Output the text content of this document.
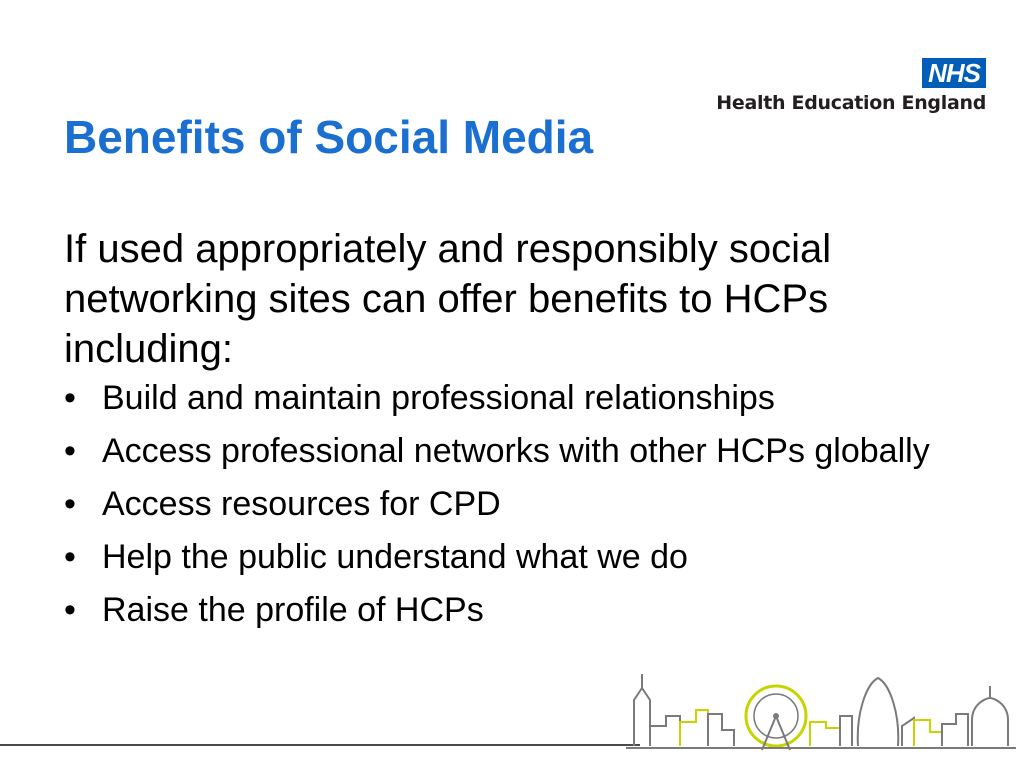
NHS
Health Education England
Benefits of Social Media

If used appropriately and responsibly social networking sites can offer benefits to HCPs including:

• Build and maintain professional relationships
• Access professional networks with other HCPs globally
• Access resources for CPD
• Help the public understand what we do
• Raise the profile of HCPs
